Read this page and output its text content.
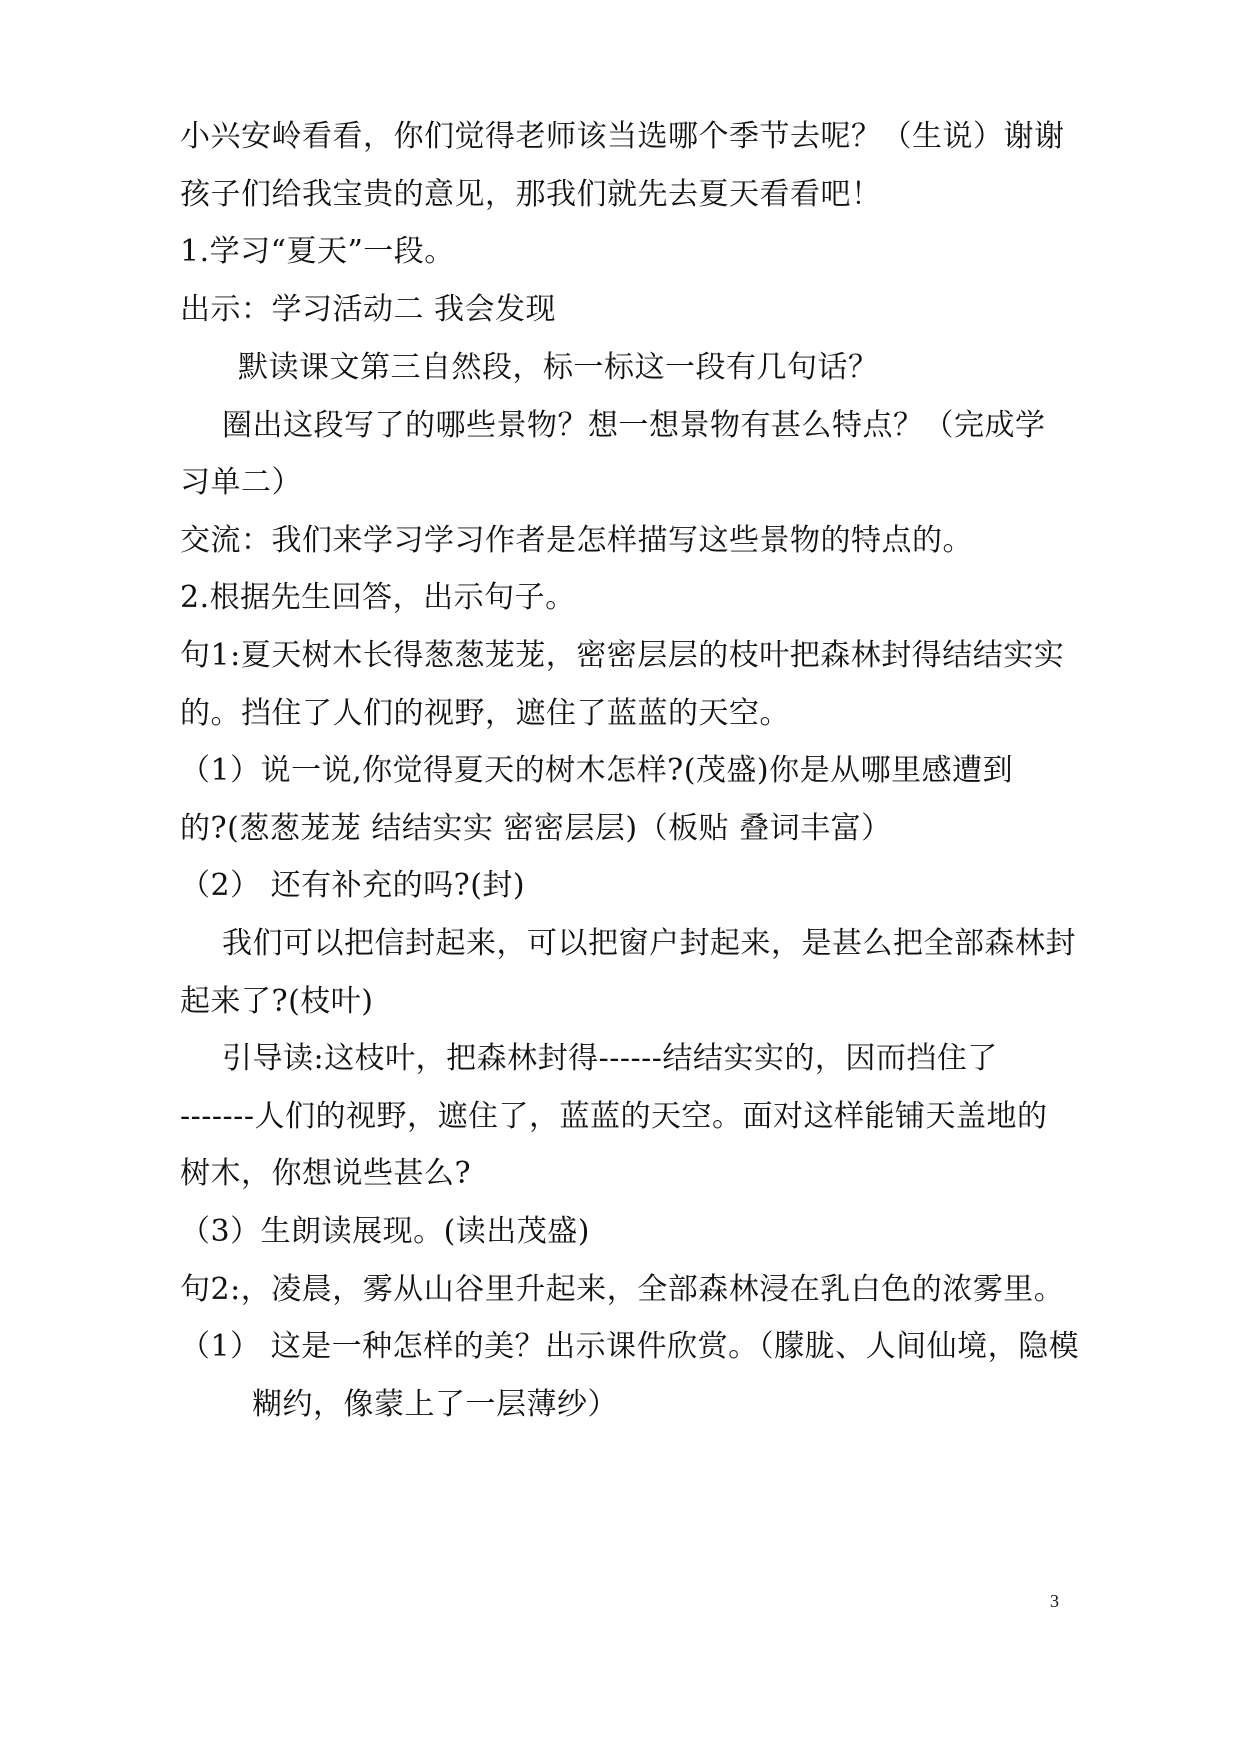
小兴安岭看看，你们觉得老师该当选哪个季节去呢？（生说）谢谢
孩子们给我宝贵的意见，那我们就先去夏天看看吧！
1.学习“夏天”一段。
出示：学习活动二 我会发现
默读课文第三自然段，标一标这一段有几句话？
圈出这段写了的哪些景物？想一想景物有甚么特点？（完成学
习单二）
交流：我们来学习学习作者是怎样描写这些景物的特点的。
2.根据先生回答，出示句子。
句1:夏天树木长得葱葱茏茏，密密层层的枝叶把森林封得结结实实
的。挡住了人们的视野，遮住了蓝蓝的天空。
（1）说一说,你觉得夏天的树木怎样?(茂盛)你是从哪里感遭到
的?(葱葱茏茏 结结实实 密密层层)（板贴 叠词丰富）
（2） 还有补充的吗?(封)
我们可以把信封起来，可以把窗户封起来，是甚么把全部森林封
起来了?(枝叶)
引导读:这枝叶，把森林封得------结结实实的，因而挡住了
-------人们的视野，遮住了，蓝蓝的天空。面对这样能铺天盖地的
树木，你想说些甚么?
（3）生朗读展现。(读出茂盛)
句2:，凌晨，雾从山谷里升起来，全部森林浸在乳白色的浓雾里。
（1） 这是一种怎样的美？出示课件欣赏。（朦胧、人间仙境，隐模
糊约，像蒙上了一层薄纱）
3
